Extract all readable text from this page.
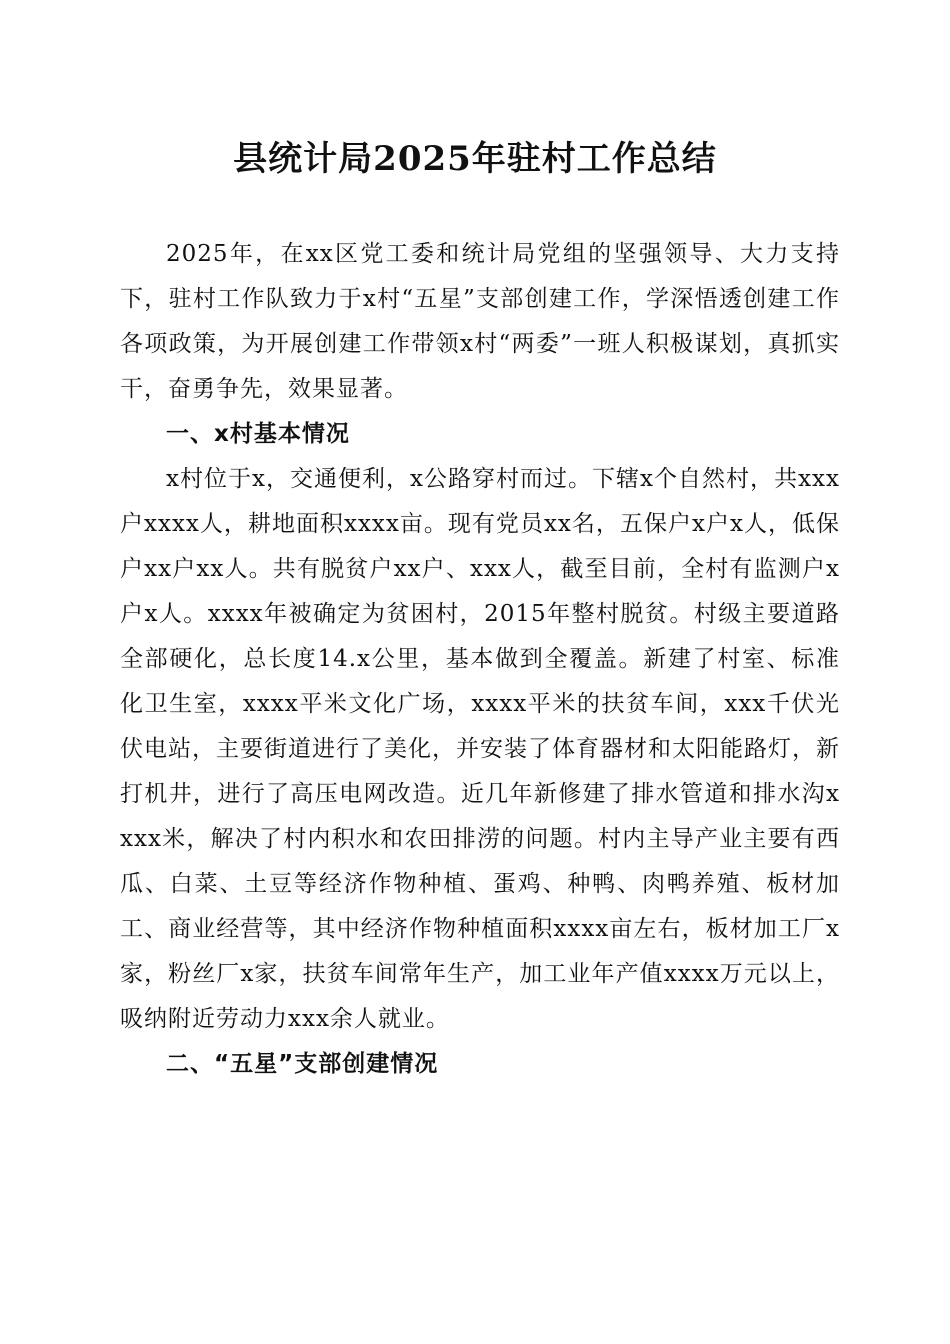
县统计局2025年驻村工作总结

2025年，在xx区党工委和统计局党组的坚强领导、大力支持下，驻村工作队致力于x村“五星”支部创建工作，学深悟透创建工作各项政策，为开展创建工作带领x村“两委”一班人积极谋划，真抓实干，奋勇争先，效果显著。

一、x村基本情况

x村位于x，交通便利，x公路穿村而过。下辖x个自然村，共xxx户xxxx人，耕地面积xxxx亩。现有党员xx名，五保户x户x人，低保户xx户xx人。共有脱贫户xx户、xxx人，截至目前，全村有监测户x户x人。xxxx年被确定为贫困村，2015年整村脱贫。村级主要道路全部硬化，总长度14.x公里，基本做到全覆盖。新建了村室、标准化卫生室，xxxx平米文化广场，xxxx平米的扶贫车间，xxx千伏光伏电站，主要街道进行了美化，并安装了体育器材和太阳能路灯，新打机井，进行了高压电网改造。近几年新修建了排水管道和排水沟xxxx米，解决了村内积水和农田排涝的问题。村内主导产业主要有西瓜、白菜、土豆等经济作物种植、蛋鸡、种鸭、肉鸭养殖、板材加工、商业经营等，其中经济作物种植面积xxxx亩左右，板材加工厂x家，粉丝厂x家，扶贫车间常年生产，加工业年产值xxxx万元以上，吸纳附近劳动力xxx余人就业。

二、“五星”支部创建情况
